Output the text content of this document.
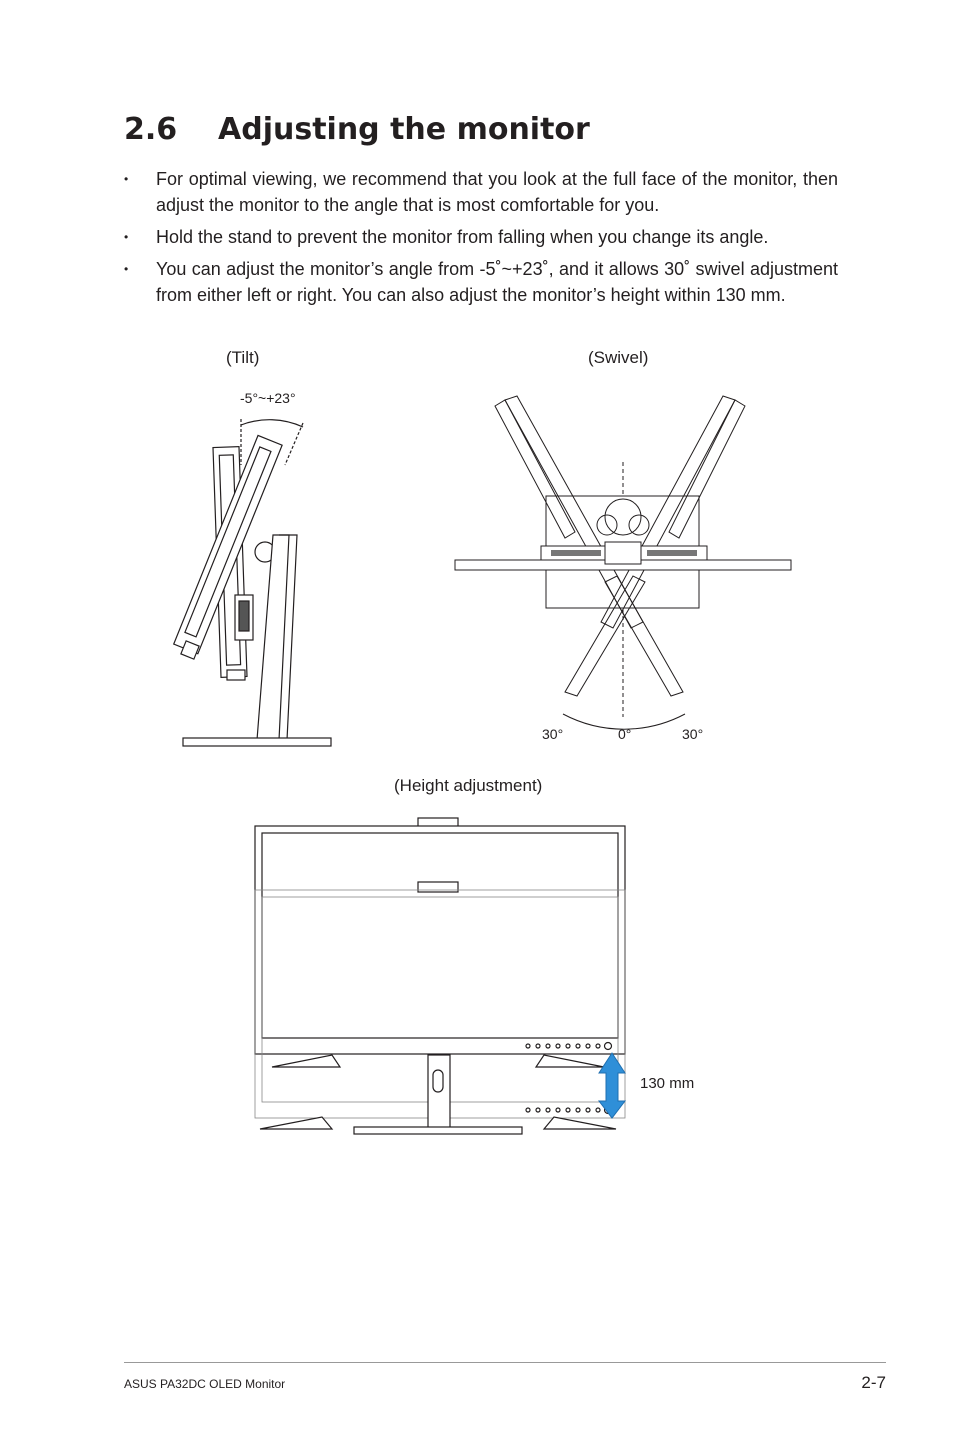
2.6 Adjusting the monitor
• For optimal viewing, we recommend that you look at the full face of the monitor, then adjust the monitor to the angle that is most comfortable for you.
• Hold the stand to prevent the monitor from falling when you change its angle.
• You can adjust the monitor’s angle from -5˚~+23˚, and it allows 30˚ swivel adjustment from either left or right. You can also adjust the monitor’s height within 130 mm.
(Tilt)
-5°~+23°
(Swivel)
30°	0°	30°
(Height adjustment)
130 mm
ASUS PA32DC OLED Monitor	2-7
